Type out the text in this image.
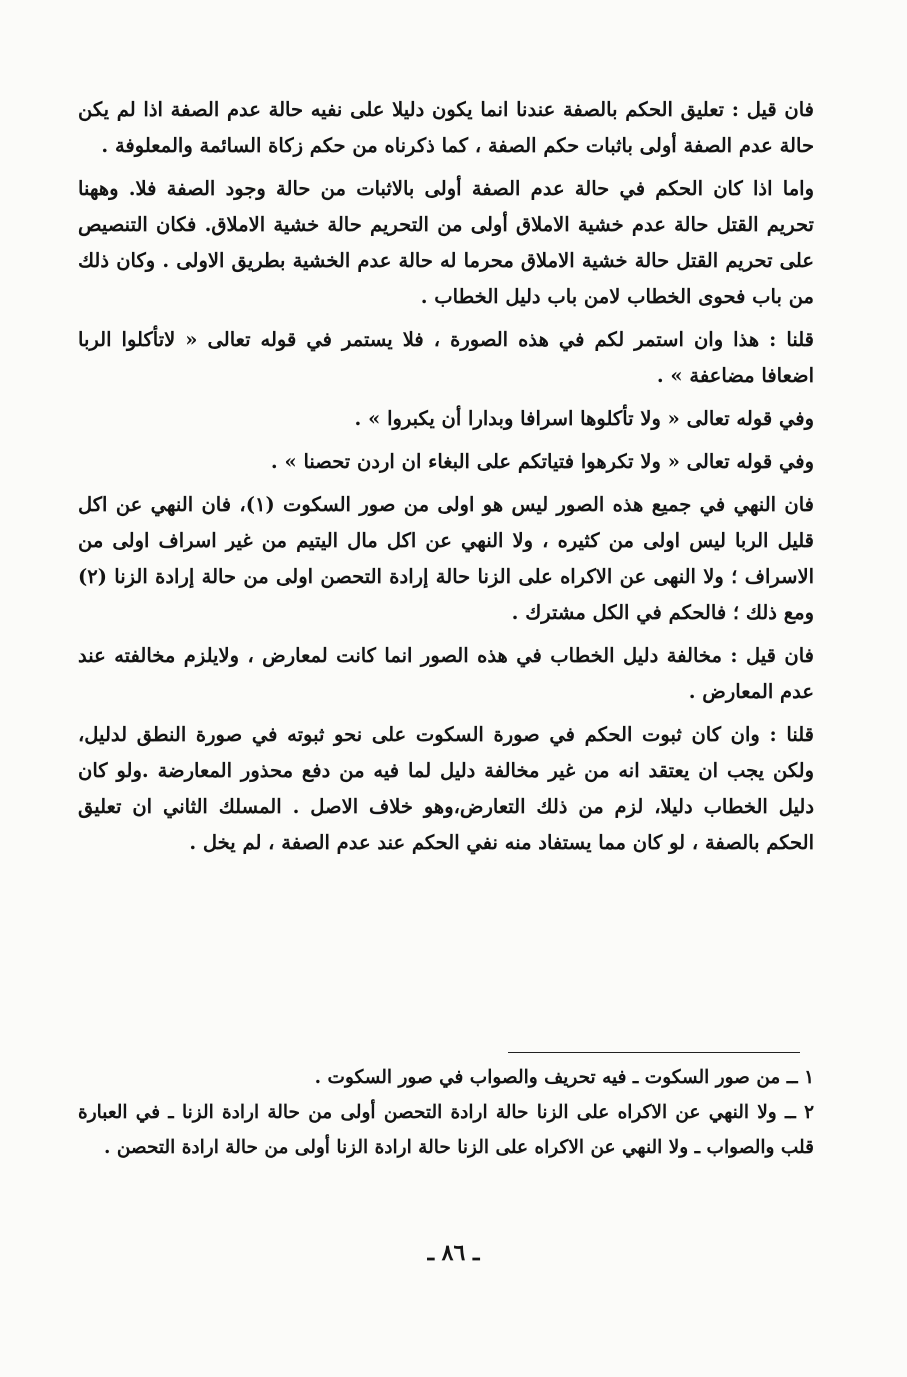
فان قيل : تعليق الحكم بالصفة عندنا انما يكون دليلا على نفيه حالة عدم الصفة اذا لم يكن حالة عدم الصفة أولى باثبات حكم الصفة ، كما ذكرناه من حكم زكاة السائمة والمعلوفة .

واما اذا كان الحكم في حالة عدم الصفة أولى بالاثبات من حالة وجود الصفة فلا. وههنا تحريم القتل حالة عدم خشية الاملاق أولى من التحريم حالة خشية الاملاق. فكان التنصيص على تحريم القتل حالة خشية الاملاق محرما له حالة عدم الخشية بطريق الاولى . وكان ذلك من باب فحوى الخطاب لامن باب دليل الخطاب .

قلنا : هذا وان استمر لكم في هذه الصورة ، فلا يستمر في قوله تعالى « لاتأكلوا الربا اضعافا مضاعفة » .

وفي قوله تعالى « ولا تأكلوها اسرافا وبدارا أن يكبروا » .

وفي قوله تعالى « ولا تكرهوا فتياتكم على البغاء ان اردن تحصنا » .

فان النهي في جميع هذه الصور ليس هو اولى من صور السكوت (١)، فان النهي عن اكل قليل الربا ليس اولى من كثيره ، ولا النهي عن اكل مال اليتيم من غير اسراف اولى من الاسراف ؛ ولا النهى عن الاكراه على الزنا حالة إرادة التحصن اولى من حالة إرادة الزنا (٢) ومع ذلك ؛ فالحكم في الكل مشترك .

فان قيل : مخالفة دليل الخطاب في هذه الصور انما كانت لمعارض ، ولايلزم مخالفته عند عدم المعارض .

قلنا : وان كان ثبوت الحكم في صورة السكوت على نحو ثبوته في صورة النطق لدليل، ولكن يجب ان يعتقد انه من غير مخالفة دليل لما فيه من دفع محذور المعارضة .ولو كان دليل الخطاب دليلا، لزم من ذلك التعارض،وهو خلاف الاصل . المسلك الثاني ان تعليق الحكم بالصفة ، لو كان مما يستفاد منه نفي الحكم عند عدم الصفة ، لم يخل .

١ ــ من صور السكوت ـ فيه تحريف والصواب في صور السكوت .

٢ ــ ولا النهي عن الاكراه على الزنا حالة ارادة التحصن أولى من حالة ارادة الزنا ـ في العبارة قلب والصواب ـ ولا النهي عن الاكراه على الزنا حالة ارادة الزنا أولى من حالة ارادة التحصن .

ـ ٨٦ ـ
